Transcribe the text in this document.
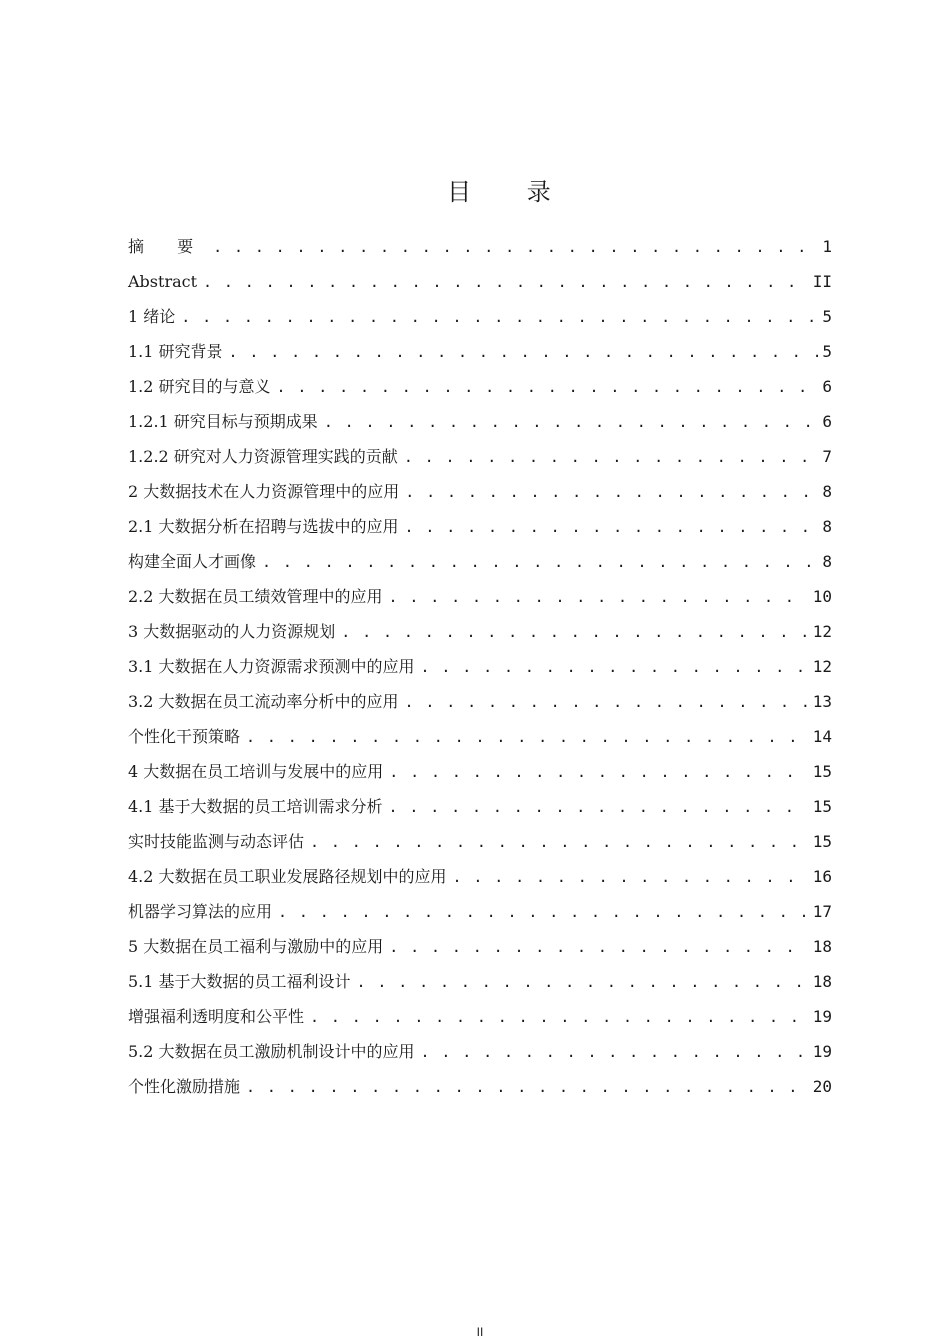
目 录
摘 要 . . .	1
Abstract . . .	II
1 绪论 . . .	5
1.1 研究背景 . . .	5
1.2 研究目的与意义 . . .	6
1.2.1 研究目标与预期成果 . . .	6
1.2.2 研究对人力资源管理实践的贡献 . . .	7
2 大数据技术在人力资源管理中的应用 . . .	8
2.1 大数据分析在招聘与选拔中的应用 . . .	8
构建全面人才画像 . . .	8
2.2 大数据在员工绩效管理中的应用 . . .	10
3 大数据驱动的人力资源规划 . . .	12
3.1 大数据在人力资源需求预测中的应用 . . .	12
3.2 大数据在员工流动率分析中的应用 . . .	13
个性化干预策略 . . .	14
4 大数据在员工培训与发展中的应用 . . .	15
4.1 基于大数据的员工培训需求分析 . . .	15
实时技能监测与动态评估 . . .	15
4.2 大数据在员工职业发展路径规划中的应用 . . .	16
机器学习算法的应用 . . .	17
5 大数据在员工福利与激励中的应用 . . .	18
5.1 基于大数据的员工福利设计 . . .	18
增强福利透明度和公平性 . . .	19
5.2 大数据在员工激励机制设计中的应用 . . .	19
个性化激励措施 . . .	20
II
